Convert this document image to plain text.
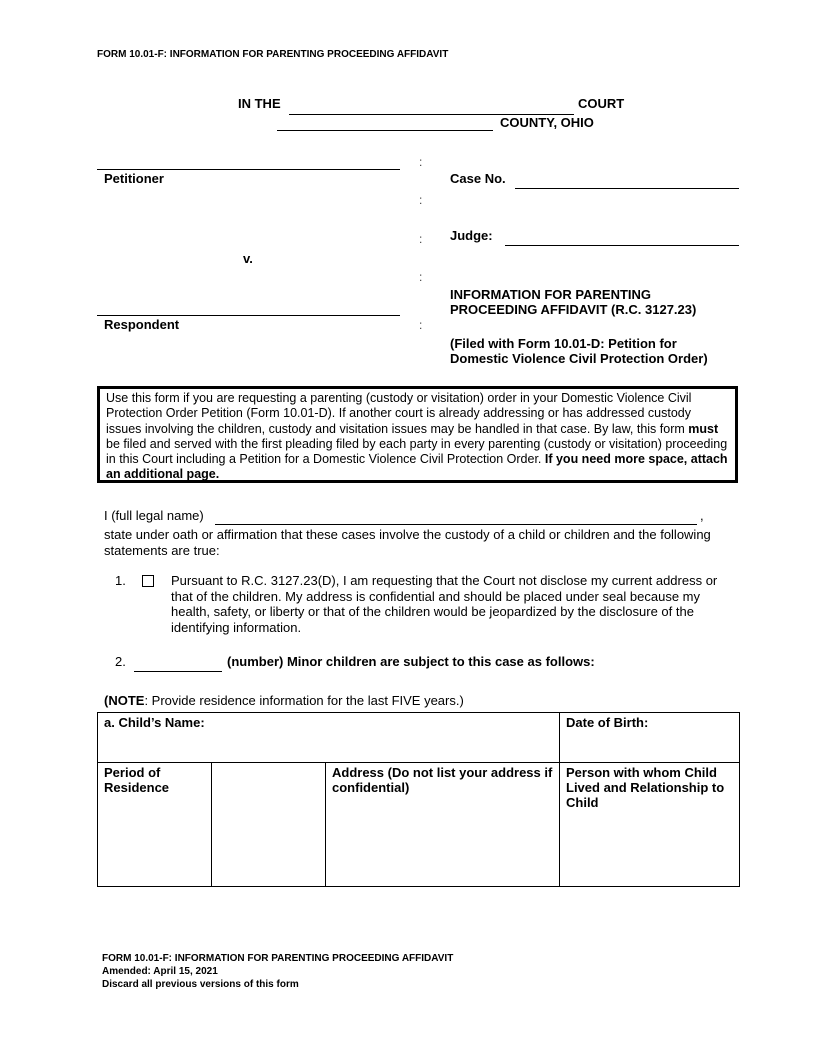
FORM 10.01-F: INFORMATION FOR PARENTING PROCEEDING AFFIDAVIT
IN THE	COURT
COUNTY, OHIO
Petitioner
v.
Respondent
:
:
:
:
:
Case No.
Judge:
INFORMATION FOR PARENTING
PROCEEDING AFFIDAVIT (R.C. 3127.23)
(Filed with Form 10.01-D: Petition for
Domestic Violence Civil Protection Order)
Use this form if you are requesting a parenting (custody or visitation) order in your Domestic Violence Civil Protection Order Petition (Form 10.01-D). If another court is already addressing or has addressed custody issues involving the children, custody and visitation issues may be handled in that case. By law, this form must be filed and served with the first pleading filed by each party in every parenting (custody or visitation) proceeding in this Court including a Petition for a Domestic Violence Civil Protection Order. If you need more space, attach an additional page.
I (full legal name)	,
state under oath or affirmation that these cases involve the custody of a child or children and the following statements are true:
1.	Pursuant to R.C. 3127.23(D), I am requesting that the Court not disclose my current address or that of the children. My address is confidential and should be placed under seal because my health, safety, or liberty or that of the children would be jeopardized by the disclosure of the identifying information.
2.	(number) Minor children are subject to this case as follows:
(NOTE: Provide residence information for the last FIVE years.)
a. Child’s Name:			Date of Birth:
Period of Residence		Address (Do not list your address if confidential)	Person with whom Child Lived and Relationship to Child
FORM 10.01-F: INFORMATION FOR PARENTING PROCEEDING AFFIDAVIT
Amended: April 15, 2021
Discard all previous versions of this form
